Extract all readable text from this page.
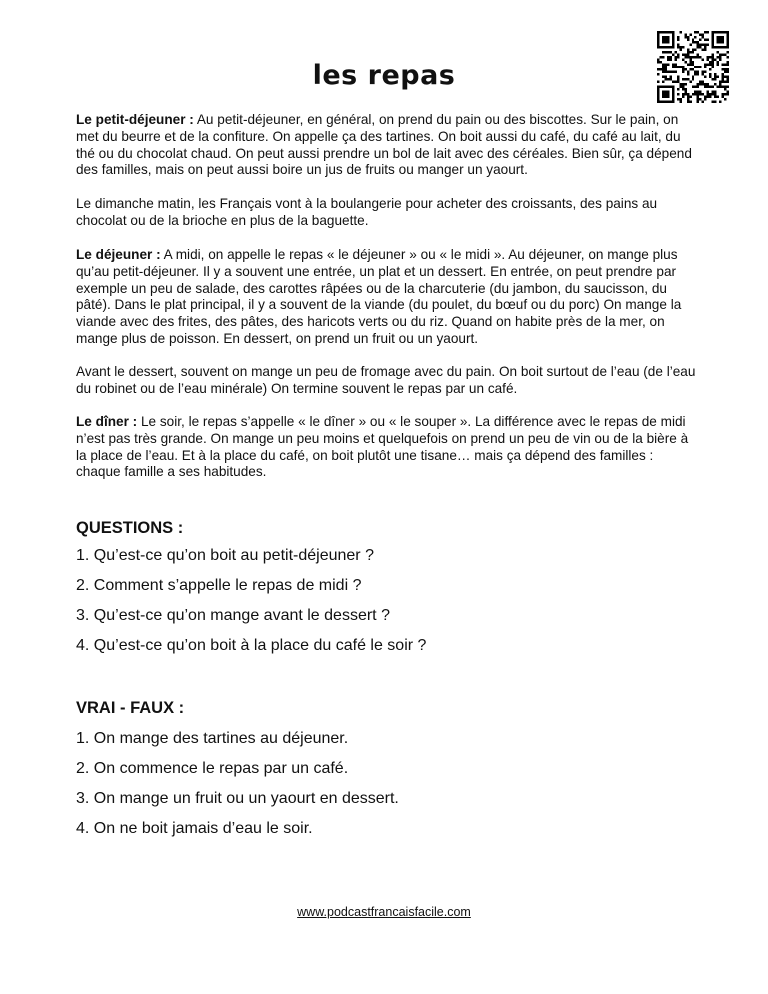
les repas

Le petit-déjeuner : Au petit-déjeuner, en général, on prend du pain ou des biscottes. Sur le pain, on met du beurre et de la confiture. On appelle ça des tartines. On boit aussi du café, du café au lait, du thé ou du chocolat chaud. On peut aussi prendre un bol de lait avec des céréales. Bien sûr, ça dépend des familles, mais on peut aussi boire un jus de fruits ou manger un yaourt.

Le dimanche matin, les Français vont à la boulangerie pour acheter des croissants, des pains au chocolat ou de la brioche en plus de la baguette.

Le déjeuner : A midi, on appelle le repas « le déjeuner » ou « le midi ». Au déjeuner, on mange plus qu’au petit-déjeuner. Il y a souvent une entrée, un plat et un dessert. En entrée, on peut prendre par exemple un peu de salade, des carottes râpées ou de la charcuterie (du jambon, du saucisson, du pâté). Dans le plat principal, il y a souvent de la viande (du poulet, du bœuf ou du porc) On mange la viande avec des frites, des pâtes, des haricots verts ou du riz. Quand on habite près de la mer, on mange plus de poisson. En dessert, on prend un fruit ou un yaourt.

Avant le dessert, souvent on mange un peu de fromage avec du pain. On boit surtout de l’eau (de l’eau du robinet ou de l’eau minérale) On termine souvent le repas par un café.

Le dîner : Le soir, le repas s’appelle « le dîner » ou « le souper ». La différence avec le repas de midi n’est pas très grande. On mange un peu moins et quelquefois on prend un peu de vin ou de la bière à la place de l’eau. Et à la place du café, on boit plutôt une tisane… mais ça dépend des familles : chaque famille a ses habitudes.

QUESTIONS :
1. Qu’est-ce qu’on boit au petit-déjeuner ?
2. Comment s’appelle le repas de midi ?
3. Qu’est-ce qu’on mange avant le dessert ?
4. Qu’est-ce qu’on boit à la place du café le soir ?
VRAI - FAUX :
1. On mange des tartines au déjeuner.
2. On commence le repas par un café.
3. On mange un fruit ou un yaourt en dessert.
4. On ne boit jamais d’eau le soir.
www.podcastfrancaisfacile.com
